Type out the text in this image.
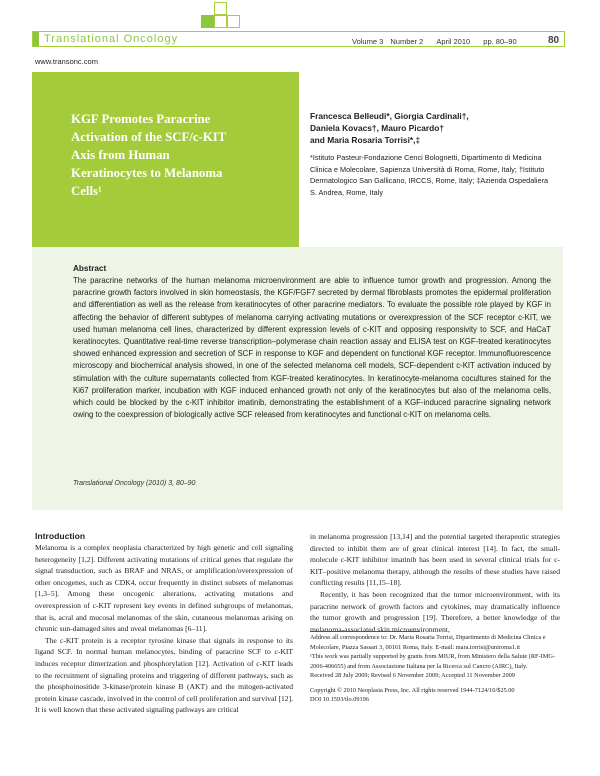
Translational Oncology	Volume 3 Number 2 April 2010 pp. 80–90	80
www.transonc.com
KGF Promotes Paracrine Activation of the SCF/c-KIT Axis from Human Keratinocytes to Melanoma Cells¹
Francesca Belleudi*, Giorgia Cardinali†,
Daniela Kovacs†, Mauro Picardo†
and Maria Rosaria Torrisi*,‡
*Istituto Pasteur-Fondazione Cenci Bolognetti, Dipartimento di Medicina Clinica e Molecolare, Sapienza Università di Roma, Rome, Italy; †Istituto Dermatologico San Gallicano, IRCCS, Rome, Italy; ‡Azienda Ospedaliera S. Andrea, Rome, Italy
Abstract

The paracrine networks of the human melanoma microenvironment are able to influence tumor growth and progression. Among the paracrine growth factors involved in skin homeostasis, the KGF/FGF7 secreted by dermal fibroblasts promotes the epidermal proliferation and differentiation as well as the release from keratinocytes of other paracrine mediators. To evaluate the possible role played by KGF in affecting the behavior of different subtypes of melanoma carrying activating mutations or overexpression of the SCF receptor c-KIT, we used human melanoma cell lines, characterized by different expression levels of c-KIT and opposing responsivity to SCF, and HaCaT keratinocytes. Quantitative real-time reverse transcription–polymerase chain reaction assay and ELISA test on KGF-treated keratinocytes showed enhanced expression and secretion of SCF in response to KGF and dependent on functional KGF receptor. Immunofluorescence microscopy and biochemical analysis showed, in one of the selected melanoma cell models, SCF-dependent c-KIT activation induced by stimulation with the culture supernatants collected from KGF-treated keratinocytes. In keratinocyte-melanoma cocultures stained for the Ki67 proliferation marker, incubation with KGF induced enhanced growth not only of the keratinocytes but also of the melanoma cells, which could be blocked by the c-KIT inhibitor imatinib, demonstrating the establishment of a KGF-induced paracrine signaling network owing to the coexpression of biologically active SCF released from keratinocytes and functional c-KIT on melanoma cells.

Translational Oncology (2010) 3, 80–90
Introduction

Melanoma is a complex neoplasia characterized by high genetic and cell signaling heterogeneity [1,2]. Different activating mutations of critical genes that regulate the signal transduction, such as BRAF and NRAS, or amplification/overexpression of other oncogenes, such as CDK4, occur frequently in distinct subsets of melanomas [1,3–5]. Among these oncogenic alterations, activating mutations and overexpression of c-KIT represent key events in defined subgroups of melanomas, that is, acral and mucosal melanomas of the skin, cutaneous melanomas arising on chronic sun-damaged sites and uveal melanomas [6–11].

The c-KIT protein is a receptor tyrosine kinase that signals in response to its ligand SCF. In normal human melanocytes, binding of paracrine SCF to c-KIT induces receptor dimerization and phosphorylation [12]. Activation of c-KIT leads to the recruitment of signaling proteins and triggering of different pathways, such as the phosphoinositide 3-kinase/protein kinase B (AKT) and the mitogen-activated protein kinase cascade, involved in the control of cell proliferation and survival [12]. It is well known that these activated signaling pathways are critical

in melanoma progression [13,14] and the potential targeted therapeutic strategies directed to inhibit them are of great clinical interest [14]. In fact, the small-molecule c-KIT inhibitor imatinib has been used in several clinical trials for c-KIT–positive melanoma therapy, although the results of these studies have raised conflicting results [11,15–18].

Recently, it has been recognized that the tumor microenvironment, with its paracrine network of growth factors and cytokines, may dramatically influence the tumor growth and progression [19]. Therefore, a better knowledge of the melanoma-associated skin microenvironment,

Address all correspondence to: Dr. Maria Rosaria Torrisi, Dipartimento di Medicina Clinica e Molecolare, Piazza Sassari 3, 00161 Roma, Italy. E-mail: mara.torrisi@uniroma1.it

¹This work was partially supported by grants from MIUR, from Ministero della Salute (RF-IMG-2006-406655) and from Associazione Italiana per la Ricerca sul Cancro (AIRC), Italy.

Received 28 July 2009; Revised 6 November 2009; Accepted 11 November 2009

Copyright © 2010 Neoplasia Press, Inc. All rights reserved 1944-7124/10/$25.00

DOI 10.1593/tlo.09196
